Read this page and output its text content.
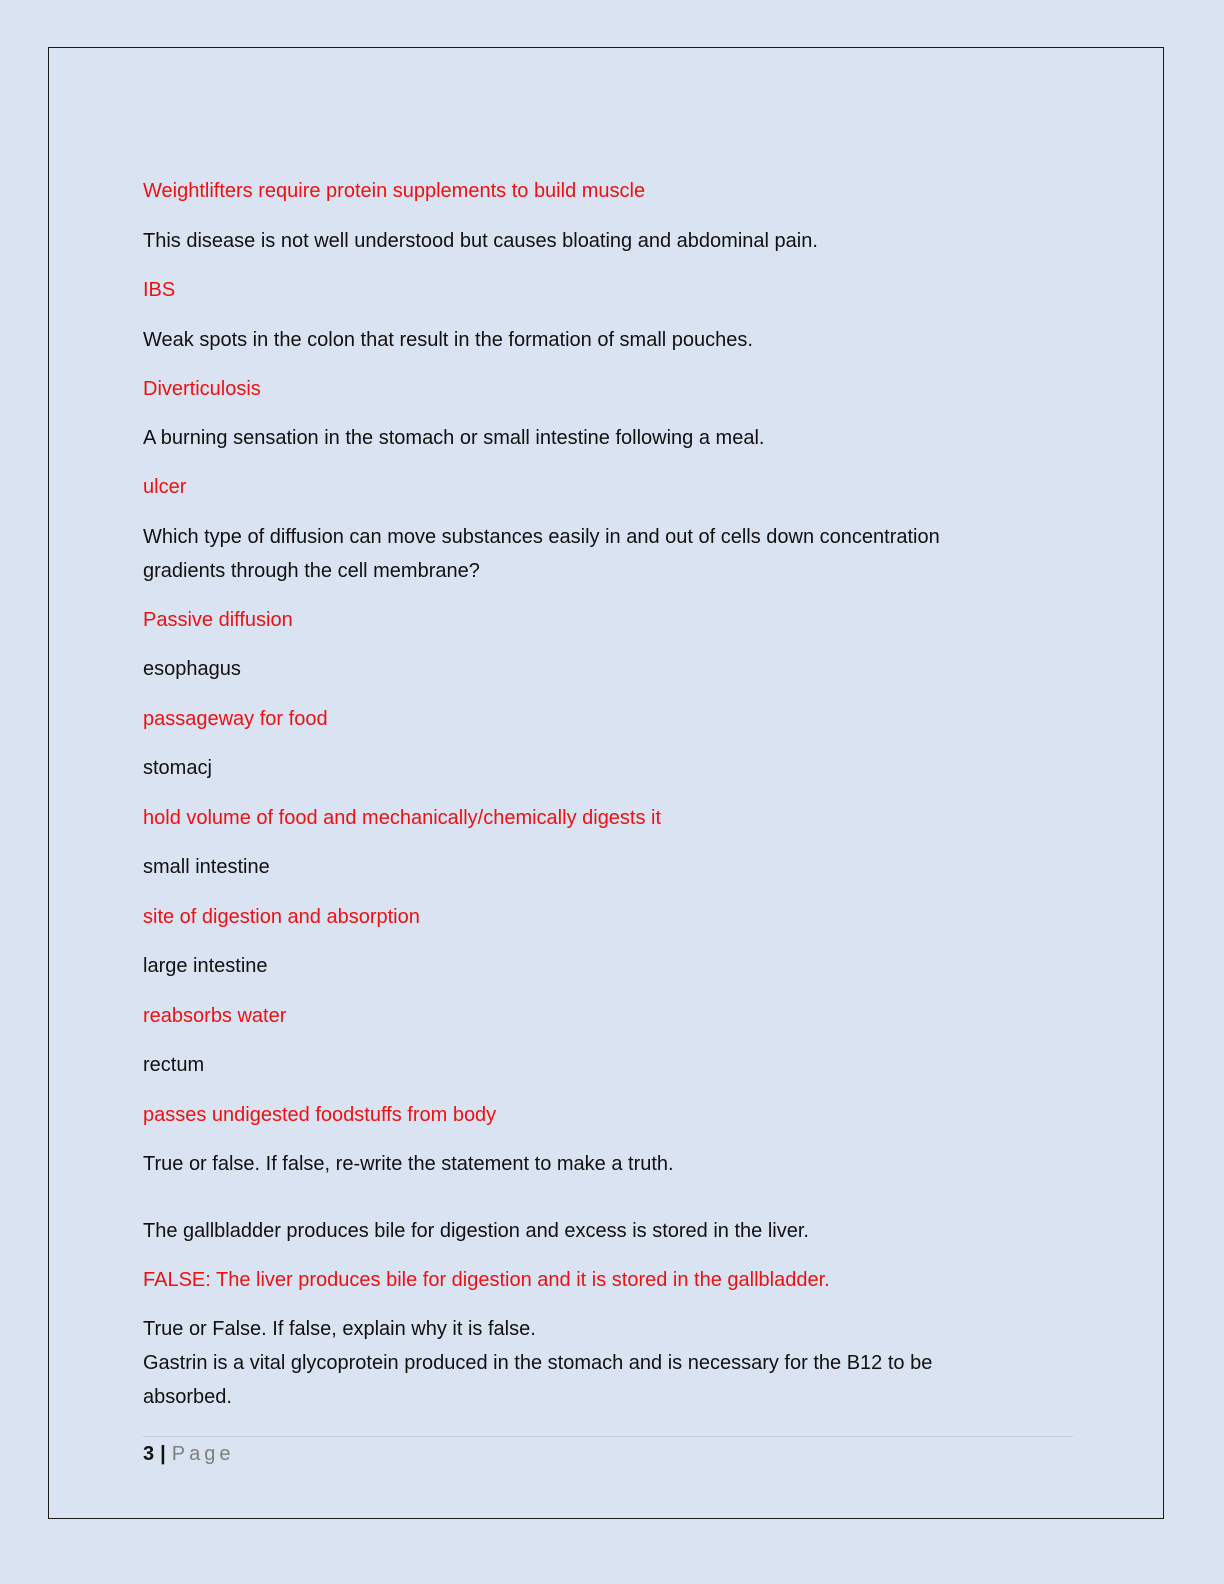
Weightlifters require protein supplements to build muscle
This disease is not well understood but causes bloating and abdominal pain.
IBS
Weak spots in the colon that result in the formation of small pouches.
Diverticulosis
A burning sensation in the stomach or small intestine following a meal.
ulcer
Which type of diffusion can move substances easily in and out of cells down concentration gradients through the cell membrane?
Passive diffusion
esophagus
passageway for food
stomacj
hold volume of food and mechanically/chemically digests it
small intestine
site of digestion and absorption
large intestine
reabsorbs water
rectum
passes undigested foodstuffs from body
True or false. If false, re-write the statement to make a truth.
The gallbladder produces bile for digestion and excess is stored in the liver.
FALSE: The liver produces bile for digestion and it is stored in the gallbladder.
True or False. If false, explain why it is false.
Gastrin is a vital glycoprotein produced in the stomach and is necessary for the B12 to be absorbed.
3 | Page
